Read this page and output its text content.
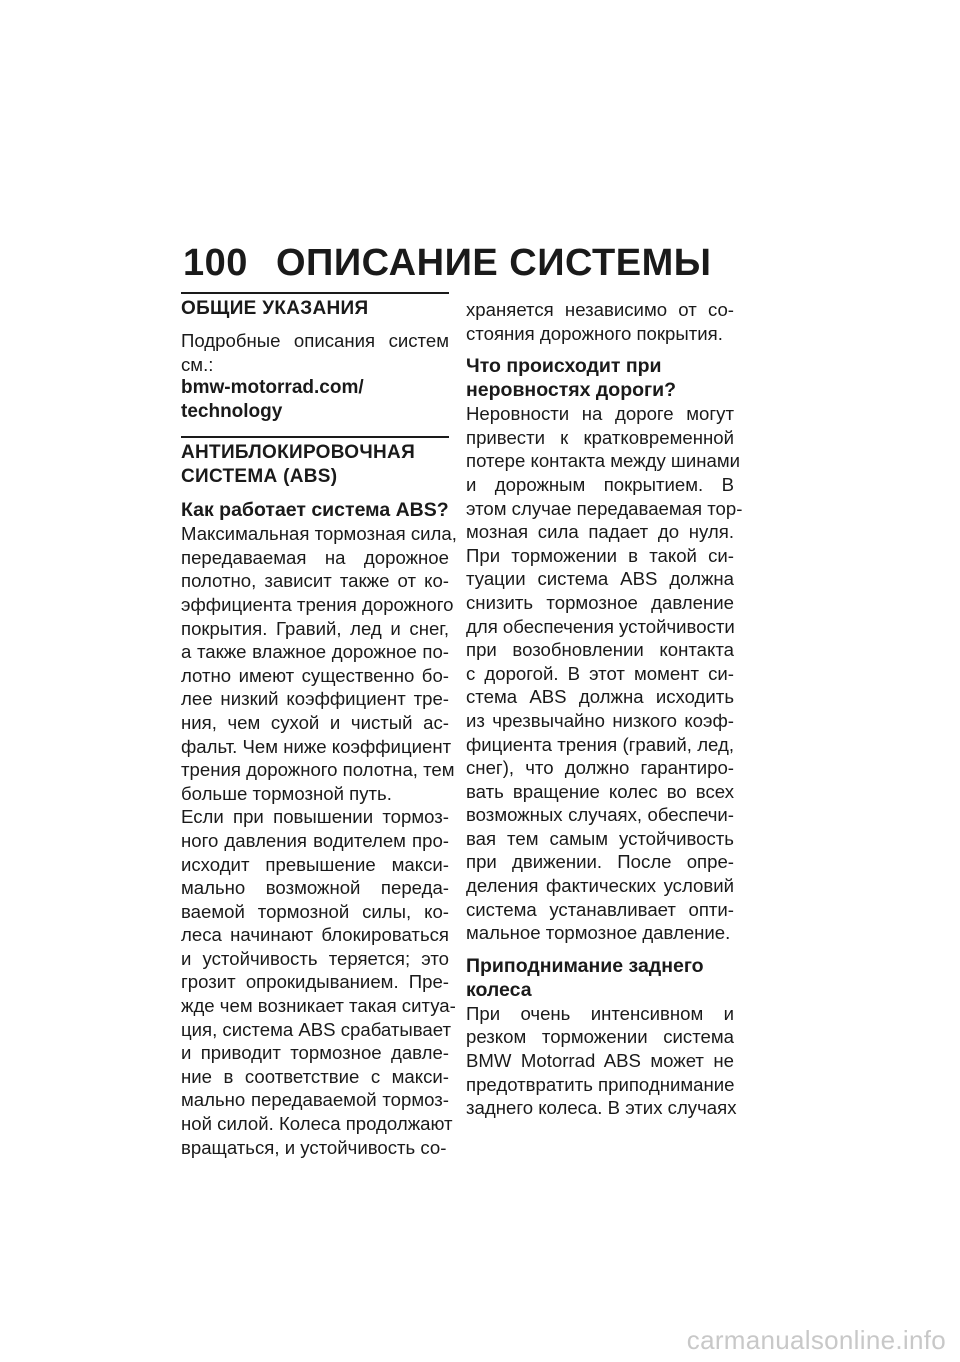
100 ОПИСАНИЕ СИСТЕМЫ
ОБЩИЕ УКАЗАНИЯ

Подробные описания систем
см.:

bmw-motorrad.com/
technology

АНТИБЛОКИРОВОЧНАЯ
СИСТЕМА (ABS)
Как работает система ABS?

Максимальная тормозная сила,
передаваемая на дорожное
полотно, зависит также от ко-
эффициента трения дорожного
покрытия. Гравий, лед и снег,
а также влажное дорожное по-
лотно имеют существенно бо-
лее низкий коэффициент тре-
ния, чем сухой и чистый ас-
фальт. Чем ниже коэффициент
трения дорожного полотна, тем
больше тормозной путь.

Если при повышении тормоз-
ного давления водителем про-
исходит превышение макси-
мально возможной переда-
ваемой тормозной силы, ко-
леса начинают блокироваться
и устойчивость теряется; это
грозит опрокидыванием. Пре-
жде чем возникает такая ситуа-
ция, система ABS срабатывает
и приводит тормозное давле-
ние в соответствие с макси-
мально передаваемой тормоз-
ной силой. Колеса продолжают
вращаться, и устойчивость со-

храняется независимо от со-
стояния дорожного покрытия.

Что происходит при
неровностях дороги?

Неровности на дороге могут
привести к кратковременной
потере контакта между шинами
и дорожным покрытием. В
этом случае передаваемая тор-
мозная сила падает до нуля.
При торможении в такой си-
туации система ABS должна
снизить тормозное давление
для обеспечения устойчивости
при возобновлении контакта
с дорогой. В этот момент си-
стема ABS должна исходить
из чрезвычайно низкого коэф-
фициента трения (гравий, лед,
снег), что должно гарантиро-
вать вращение колес во всех
возможных случаях, обеспечи-
вая тем самым устойчивость
при движении. После опре-
деления фактических условий
система устанавливает опти-
мальное тормозное давление.

Приподнимание заднего
колеса

При очень интенсивном и
резком торможении система
BMW Motorrad ABS может не
предотвратить приподнимание
заднего колеса. В этих случаях

carmanualsonline.info
